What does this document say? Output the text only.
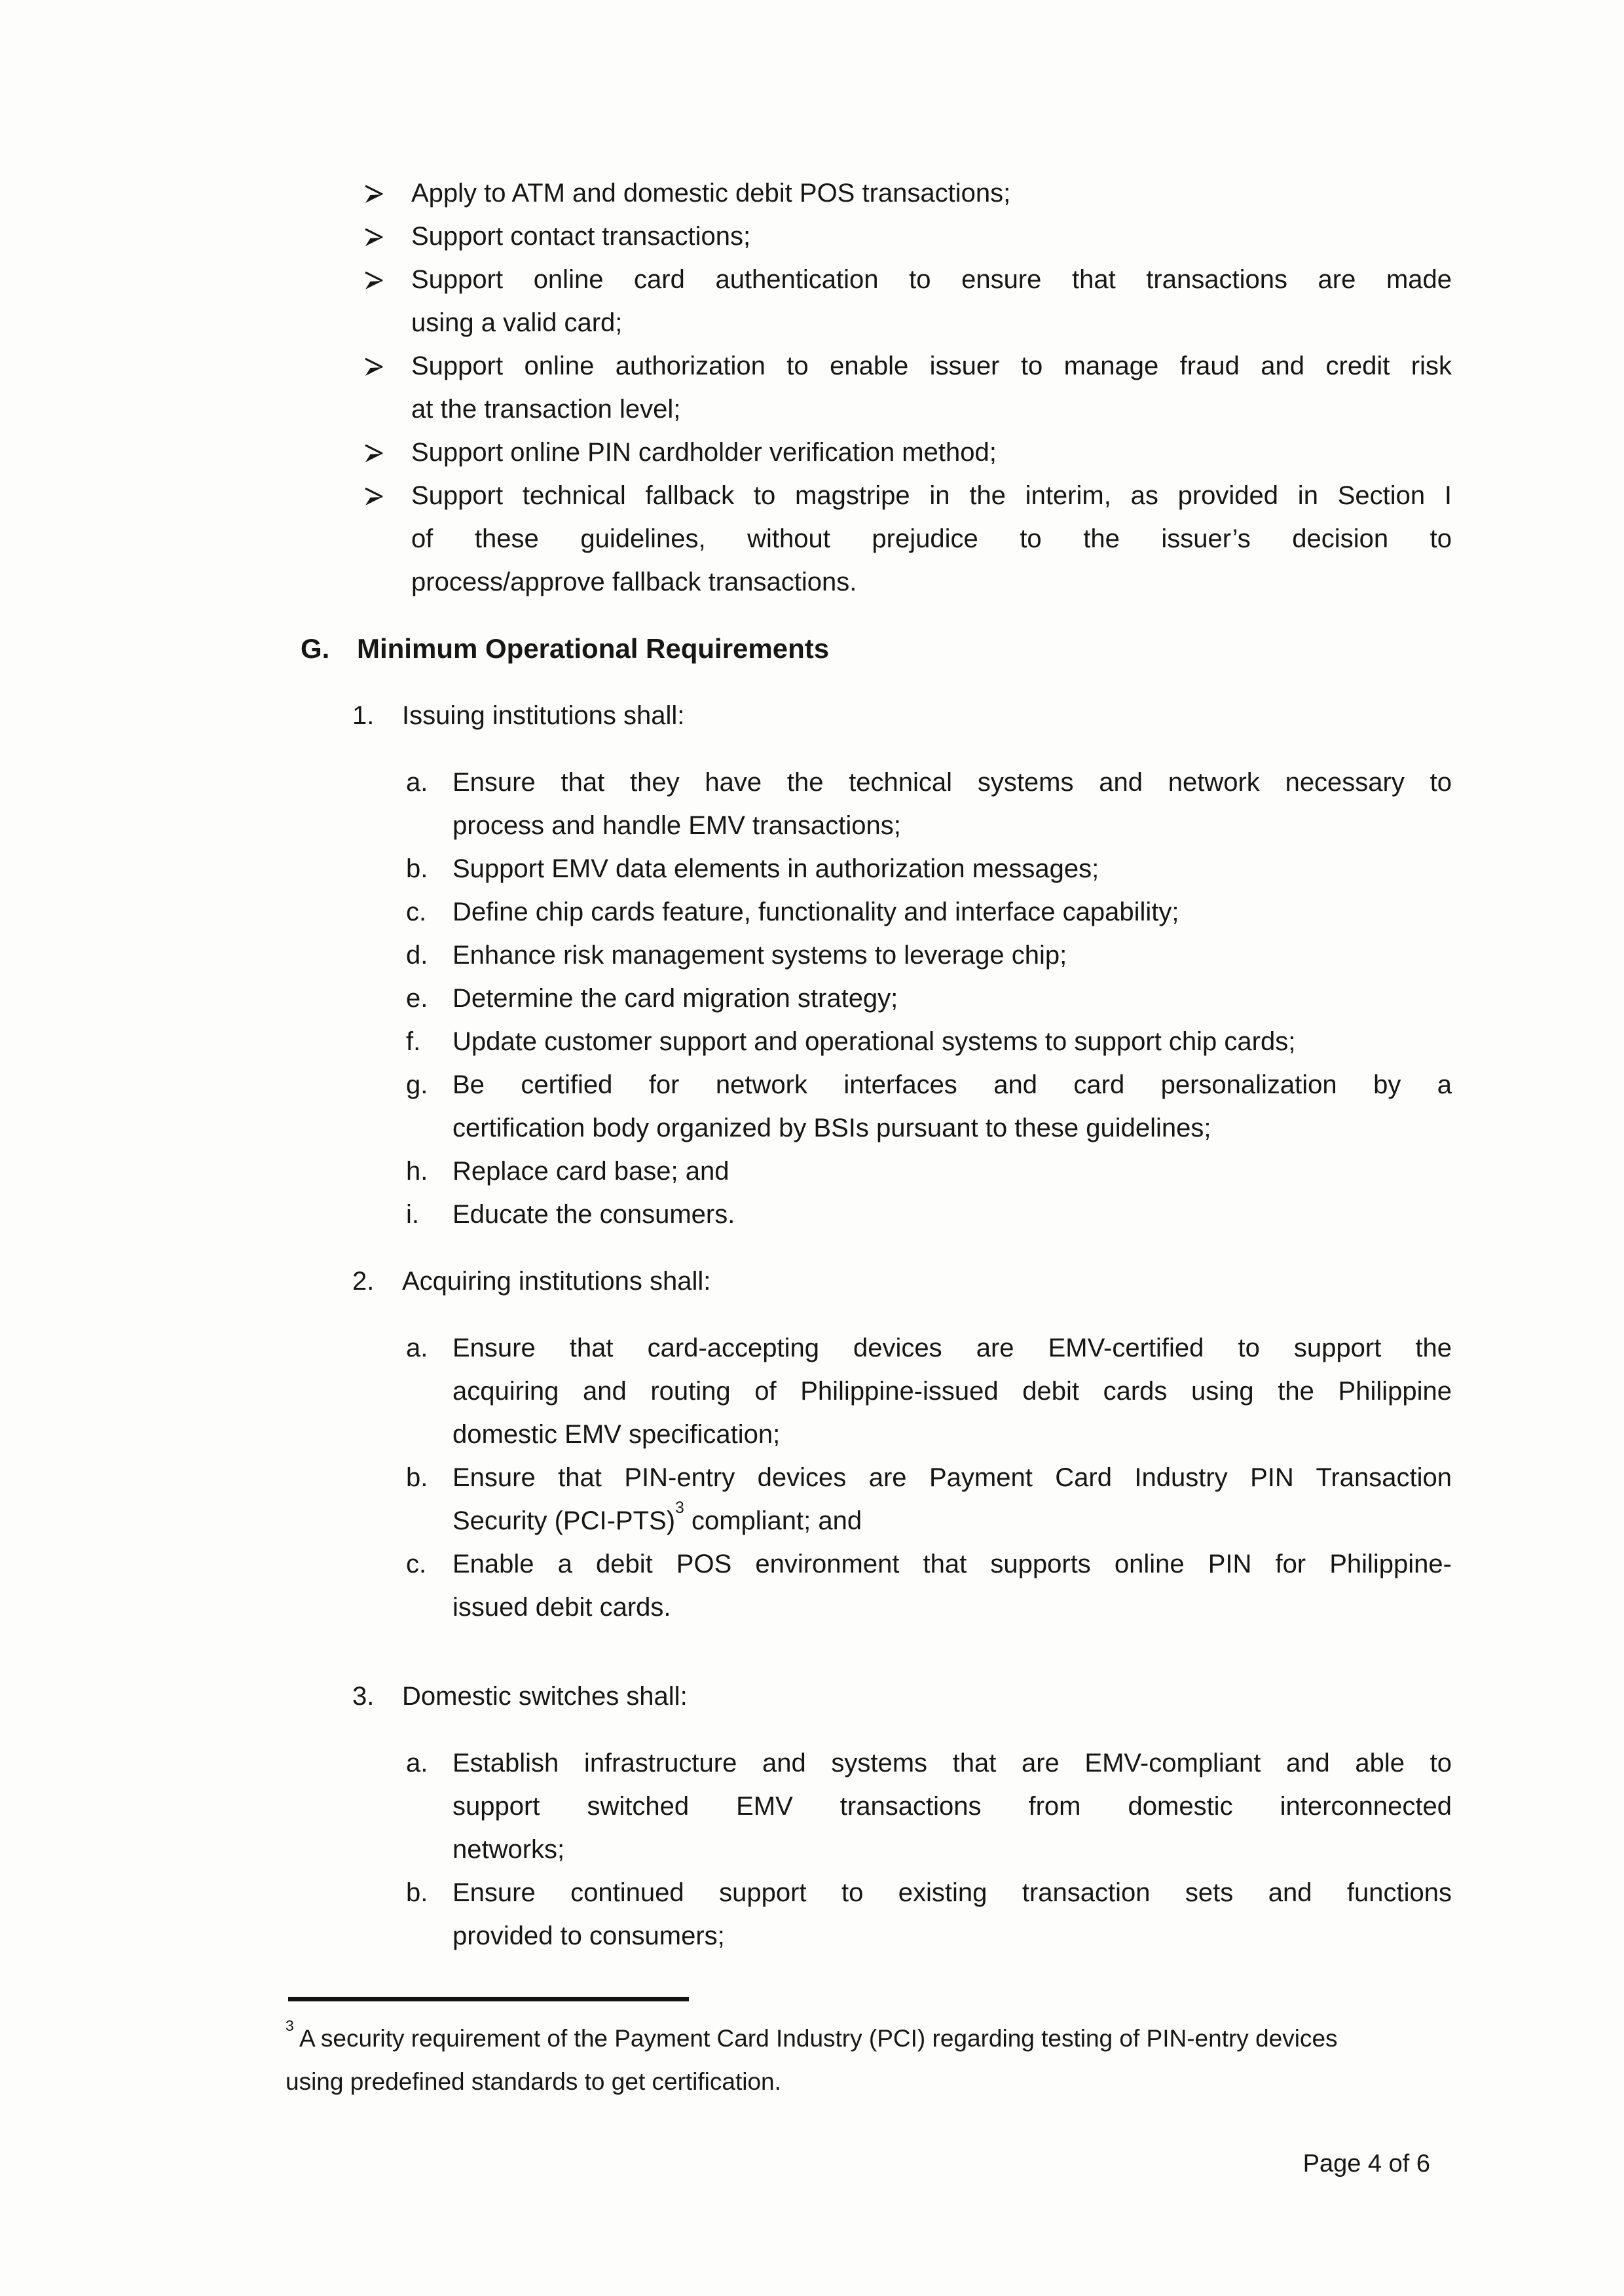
Apply to ATM and domestic debit POS transactions;
Support contact transactions;
Support online card authentication to ensure that transactions are made
using a valid card;
Support online authorization to enable issuer to manage fraud and credit risk
at the transaction level;
Support online PIN cardholder verification method;
Support technical fallback to magstripe in the interim, as provided in Section I
of these guidelines, without prejudice to the issuer’s decision to
process/approve fallback transactions.
G. Minimum Operational Requirements
1.	Issuing institutions shall:
a. Ensure that they have the technical systems and network necessary to
process and handle EMV transactions;
b. Support EMV data elements in authorization messages;
c. Define chip cards feature, functionality and interface capability;
d. Enhance risk management systems to leverage chip;
e. Determine the card migration strategy;
f.	Update customer support and operational systems to support chip cards;
g. Be certified for network interfaces and card personalization by a
certification body organized by BSIs pursuant to these guidelines;
h. Replace card base; and
i.	Educate the consumers.
2.	Acquiring institutions shall:
a. Ensure that card-accepting devices are EMV-certified to support the
acquiring and routing of Philippine-issued debit cards using the Philippine
domestic EMV specification;
b. Ensure that PIN-entry devices are Payment Card Industry PIN Transaction
Security $(PCI-PTS)^3$ compliant; and
c. Enable a debit POS environment that supports online PIN for Philippine-
issued debit cards.
3.	Domestic switches shall:
a. Establish infrastructure and systems that are EMV-compliant and able to
support switched EMV transactions from domestic interconnected
networks;
b. Ensure continued support to existing transaction sets and functions
provided to consumers;
$^3$ A security requirement of the Payment Card Industry (PCI) regarding testing of PIN-entry devices
using predefined standards to get certification.
Page 4 of 6
